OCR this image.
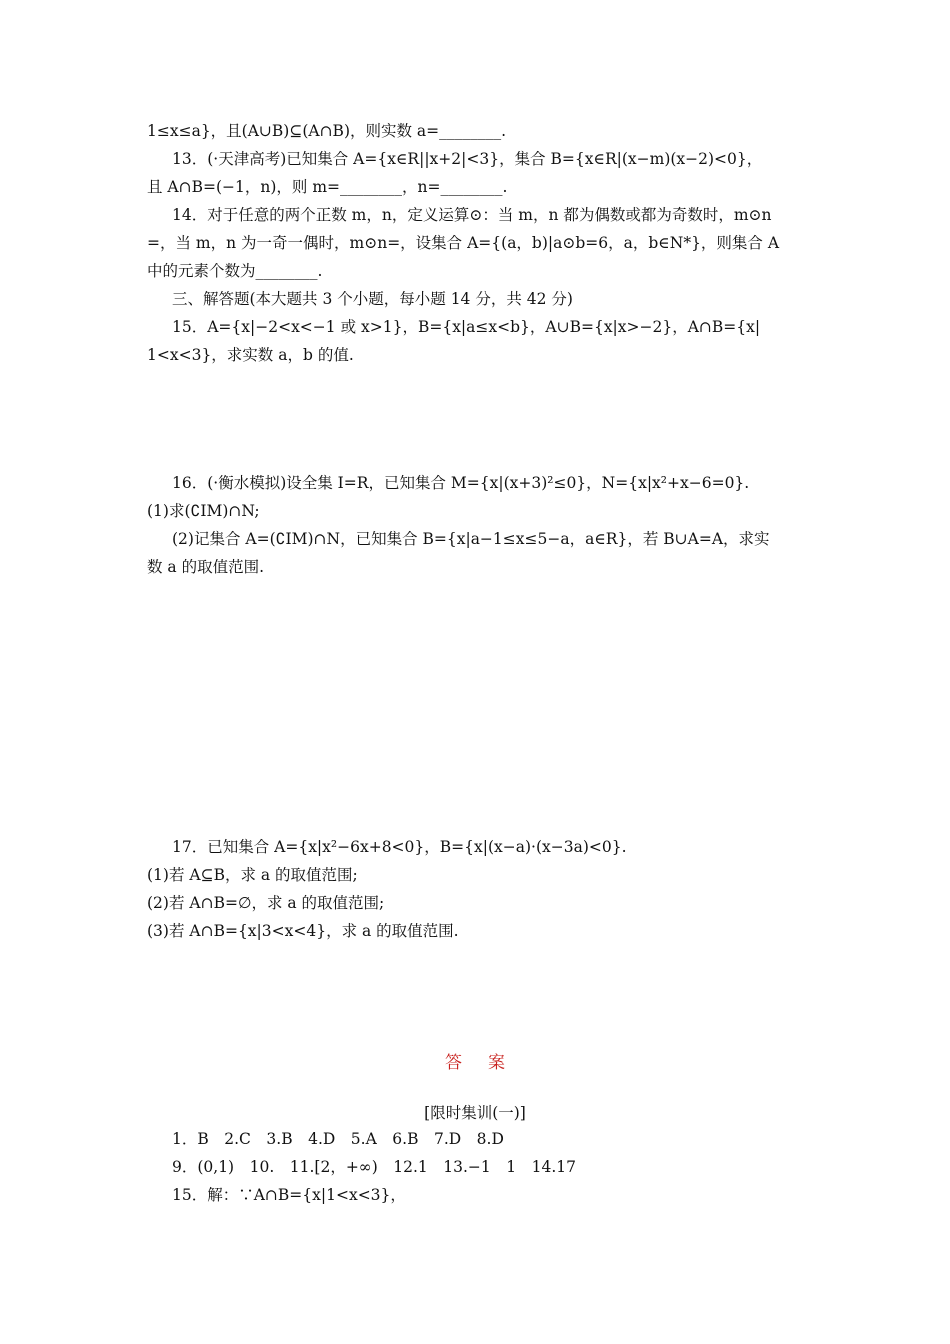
1≤x≤a}，且(A∪B)⊆(A∩B)，则实数 a=________.
13．(·天津高考)已知集合 A={x∈R||x+2|<3}，集合 B={x∈R|(x−m)(x−2)<0}，
且 A∩B=(−1，n)，则 m=________，n=________.
14．对于任意的两个正数 m，n，定义运算⊙：当 m，n 都为偶数或都为奇数时，m⊙n
=，当 m，n 为一奇一偶时，m⊙n=，设集合 A={(a，b)|a⊙b=6，a，b∈N*}，则集合 A
中的元素个数为________.
三、解答题(本大题共 3 个小题，每小题 14 分，共 42 分)
15．A={x|−2<x<−1 或 x>1}，B={x|a≤x<b}，A∪B={x|x>−2}，A∩B={x|
1<x<3}，求实数 a，b 的值.
16．(·衡水模拟)设全集 I=R，已知集合 M={x|(x+3)²≤0}，N={x|x²+x−6=0}.
(1)求(∁IM)∩N;
(2)记集合 A=(∁IM)∩N，已知集合 B={x|a−1≤x≤5−a，a∈R}，若 B∪A=A，求实
数 a 的取值范围.
17．已知集合 A={x|x²−6x+8<0}，B={x|(x−a)·(x−3a)<0}.
(1)若 A⊆B，求 a 的取值范围;
(2)若 A∩B=∅，求 a 的取值范围;
(3)若 A∩B={x|3<x<4}，求 a 的取值范围.
答案
[限时集训(一)]
1．B　2.C　3.B　4.D　5.A　6.B　7.D　8.D
9．(0,1)　10.　11.[2，+∞)　12.1　13.−1　1　14.17
15．解：∵A∩B={x|1<x<3}，
